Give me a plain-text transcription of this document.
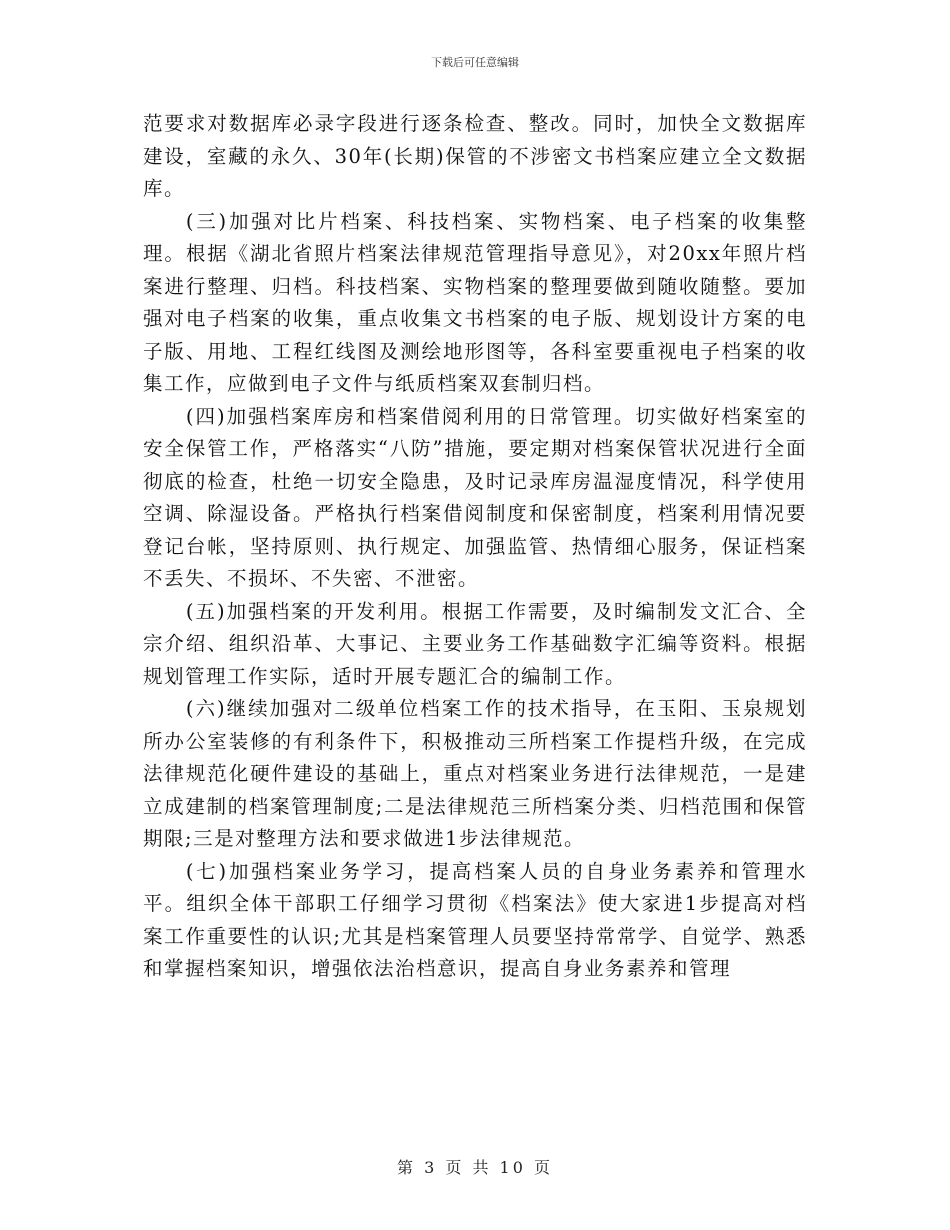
下载后可任意编辑

范要求对数据库必录字段进行逐条检查、整改。同时，加快全文数据库建设，室藏的永久、30年(长期)保管的不涉密文书档案应建立全文数据库。

(三)加强对比片档案、科技档案、实物档案、电子档案的收集整理。根据《湖北省照片档案法律规范管理指导意见》，对20xx年照片档案进行整理、归档。科技档案、实物档案的整理要做到随收随整。要加强对电子档案的收集，重点收集文书档案的电子版、规划设计方案的电子版、用地、工程红线图及测绘地形图等，各科室要重视电子档案的收集工作，应做到电子文件与纸质档案双套制归档。

(四)加强档案库房和档案借阅利用的日常管理。切实做好档案室的安全保管工作，严格落实“八防”措施，要定期对档案保管状况进行全面彻底的检查，杜绝一切安全隐患，及时记录库房温湿度情况，科学使用空调、除湿设备。严格执行档案借阅制度和保密制度，档案利用情况要登记台帐，坚持原则、执行规定、加强监管、热情细心服务，保证档案不丢失、不损坏、不失密、不泄密。

(五)加强档案的开发利用。根据工作需要，及时编制发文汇合、全宗介绍、组织沿革、大事记、主要业务工作基础数字汇编等资料。根据规划管理工作实际，适时开展专题汇合的编制工作。

(六)继续加强对二级单位档案工作的技术指导，在玉阳、玉泉规划所办公室装修的有利条件下，积极推动三所档案工作提档升级，在完成法律规范化硬件建设的基础上，重点对档案业务进行法律规范，一是建立成建制的档案管理制度;二是法律规范三所档案分类、归档范围和保管期限;三是对整理方法和要求做进1步法律规范。

(七)加强档案业务学习，提高档案人员的自身业务素养和管理水平。组织全体干部职工仔细学习贯彻《档案法》使大家进1步提高对档案工作重要性的认识;尤其是档案管理人员要坚持常常学、自觉学、熟悉和掌握档案知识，增强依法治档意识，提高自身业务素养和管理

第 3 页 共 10 页
